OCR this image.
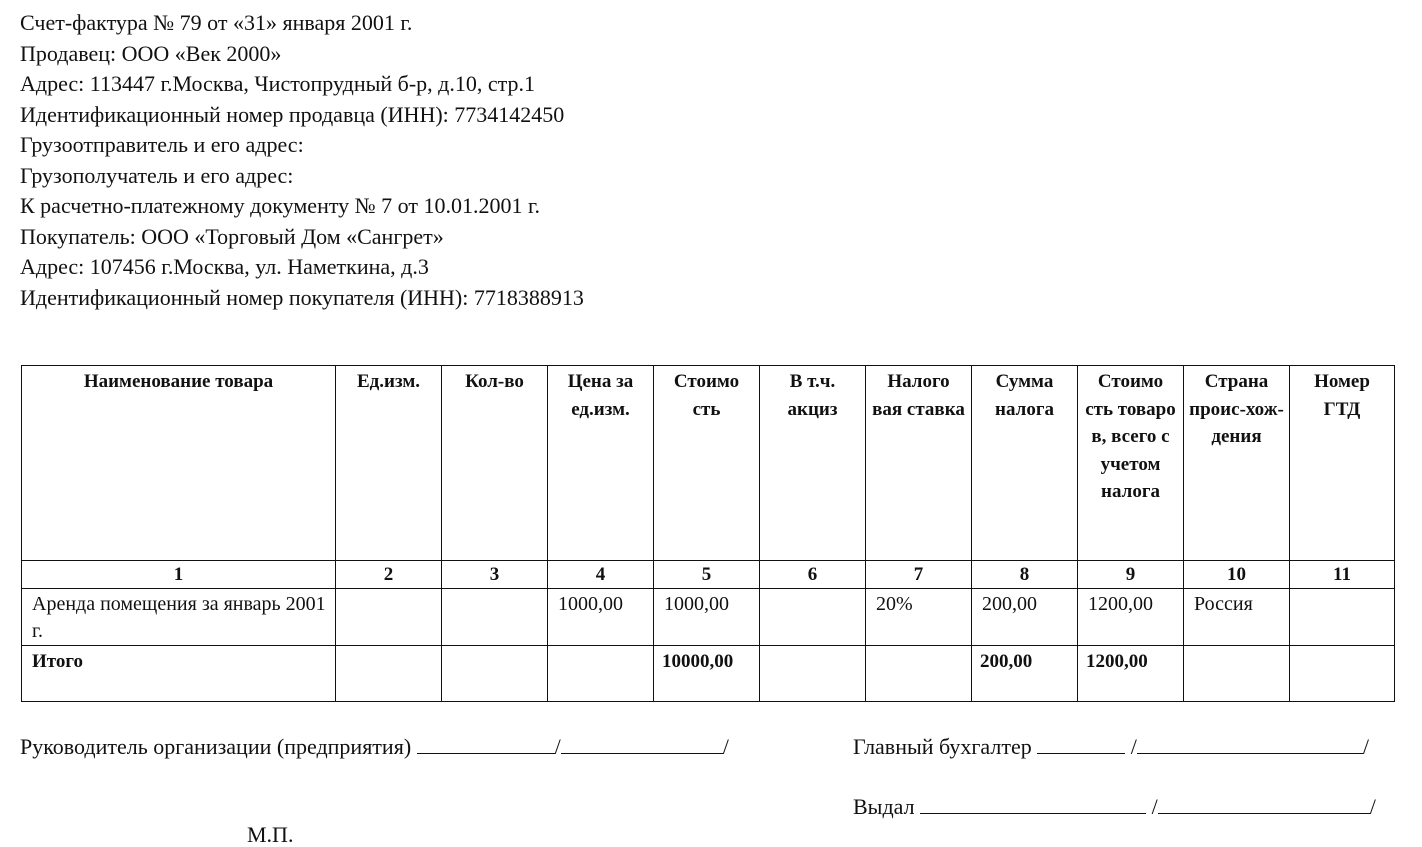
Счет-фактура № 79 от «31» января 2001 г.
Продавец: ООО «Век 2000»
Адрес: 113447 г.Москва, Чистопрудный б-р, д.10, стр.1
Идентификационный номер продавца (ИНН): 7734142450
Грузоотправитель и его адрес:
Грузополучатель и его адрес:
К расчетно-платежному документу № 7 от 10.01.2001 г.
Покупатель: ООО «Торговый Дом «Сангрет»
Адрес: 107456 г.Москва, ул. Наметкина, д.3
Идентификационный номер покупателя (ИНН): 7718388913
Наименование товара	Ед.изм.	Кол-во	Цена за ед.изм.	Стоимо сть	В т.ч. акциз	Налого вая ставка	Сумма налога	Стоимо сть товаро в, всего с учетом налога	Страна проис-хож-дения	Номер ГТД

1	2	3	4	5	6	7	8	9	10	11
Аренда помещения за январь 2001 г.			1000,00	1000,00		20%	200,00	1200,00	Россия	
Итого				10000,00			200,00	1200,00		
Руководитель организации (предприятия)	/	/	Главный бухгалтер	/	/
Выдал	/	/
М.П.
